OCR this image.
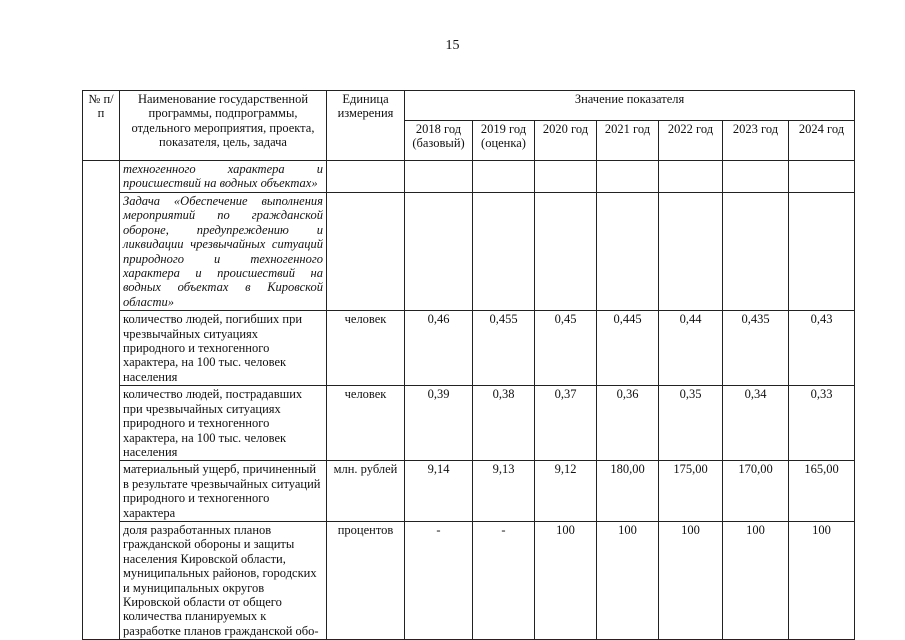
15
№ п/п	Наименование государственной программы, подпрограммы, отдельного мероприятия, проекта, показателя, цель, задача	Единица измерения	Значение показателя						
			2018 год (базовый)	2019 год (оценка)	2020 год	2021 год	2022 год	2023 год	2024 год
	техногенного характера и происшествий на водных объектах»								
	Задача «Обеспечение выполнения мероприятий по гражданской обороне, предупреждению и ликвидации чрезвычайных ситуаций природного и техногенного характера и происшествий на водных объектах в Кировской области»								
	количество людей, погибших при чрезвычайных ситуациях природного и техногенного характера, на 100 тыс. человек населения	человек	0,46	0,455	0,45	0,445	0,44	0,435	0,43
	количество людей, пострадавших при чрезвычайных ситуациях природного и техногенного характера, на 100 тыс. человек населения	человек	0,39	0,38	0,37	0,36	0,35	0,34	0,33
	материальный ущерб, причиненный в результате чрезвычайных ситуаций природного и техногенного характера	млн. рублей	9,14	9,13	9,12	180,00	175,00	170,00	165,00
	доля разработанных планов гражданской обороны и защиты населения Кировской области, муниципальных районов, городских и муниципальных округов Кировской области от общего количества планируемых к разработке планов гражданской обо-	процентов	-	-	100	100	100	100	100
